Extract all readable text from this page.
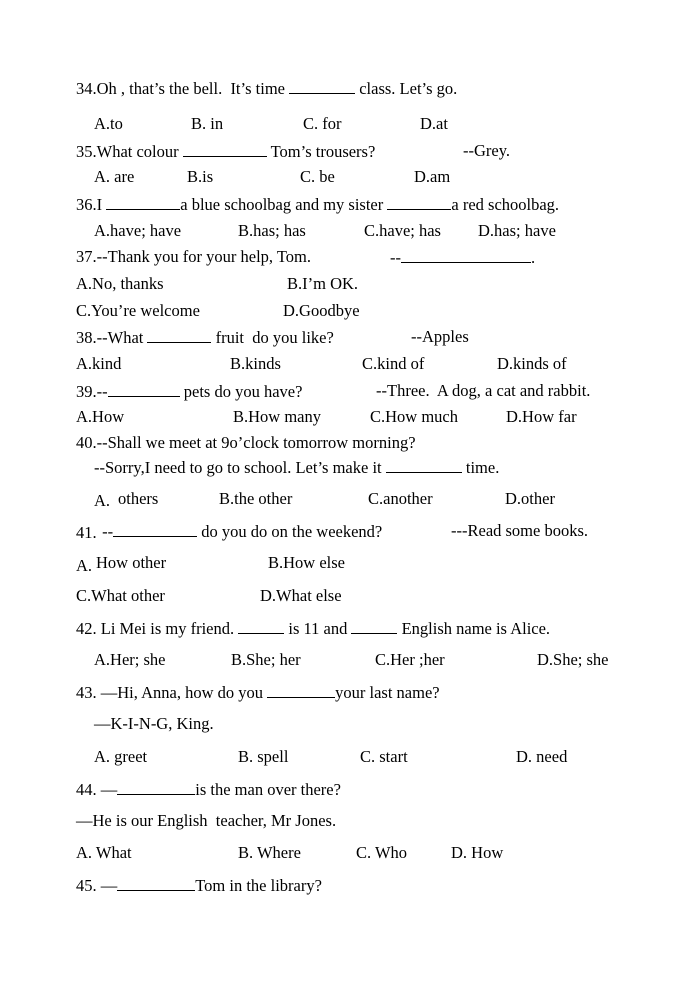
34.Oh , that’s the bell.  It’s time	class. Let’s go.
A.to	B. in	C. for	D.at
35.What colour	Tom’s trousers?	--Grey.
A. are	B.is	C. be	D.am
36.I	a blue schoolbag and my sister	a red schoolbag.
A.have; have	B.has; has	C.have; has D.has; have
37.--Thank you for your help, Tom.	--	.
A.No, thanks	B.I’m OK.
C.You’re welcome	D.Goodbye
38.--What	fruit  do you like?	--Apples
A.kind	B.kinds	C.kind of	D.kinds of
39.--	pets do you have?	--Three.  A dog, a cat and rabbit.
A.How	B.How many	C.How much	D.How far
40.--Shall we meet at 9o’clock tomorrow morning?
--Sorry,I need to go to school. Let’s make it	time.
A. others	B.the other	C.another	D.other
41. --	do you do on the weekend?	---Read some books.
A. How other	B.How else
C.What other	D.What else
42. Li Mei is my friend.	is 11 and	English name is Alice.
A.Her; she	B.She; her	C.Her ;her	D.She; she
43. —Hi, Anna, how do you	your last name?
—K-I-N-G, King.
A. greet	B. spell	C. start	D. need
44. —	is the man over there?
—He is our English  teacher, Mr Jones.
A. What	B. Where	C. Who	D. How
45. —	Tom in the library?
